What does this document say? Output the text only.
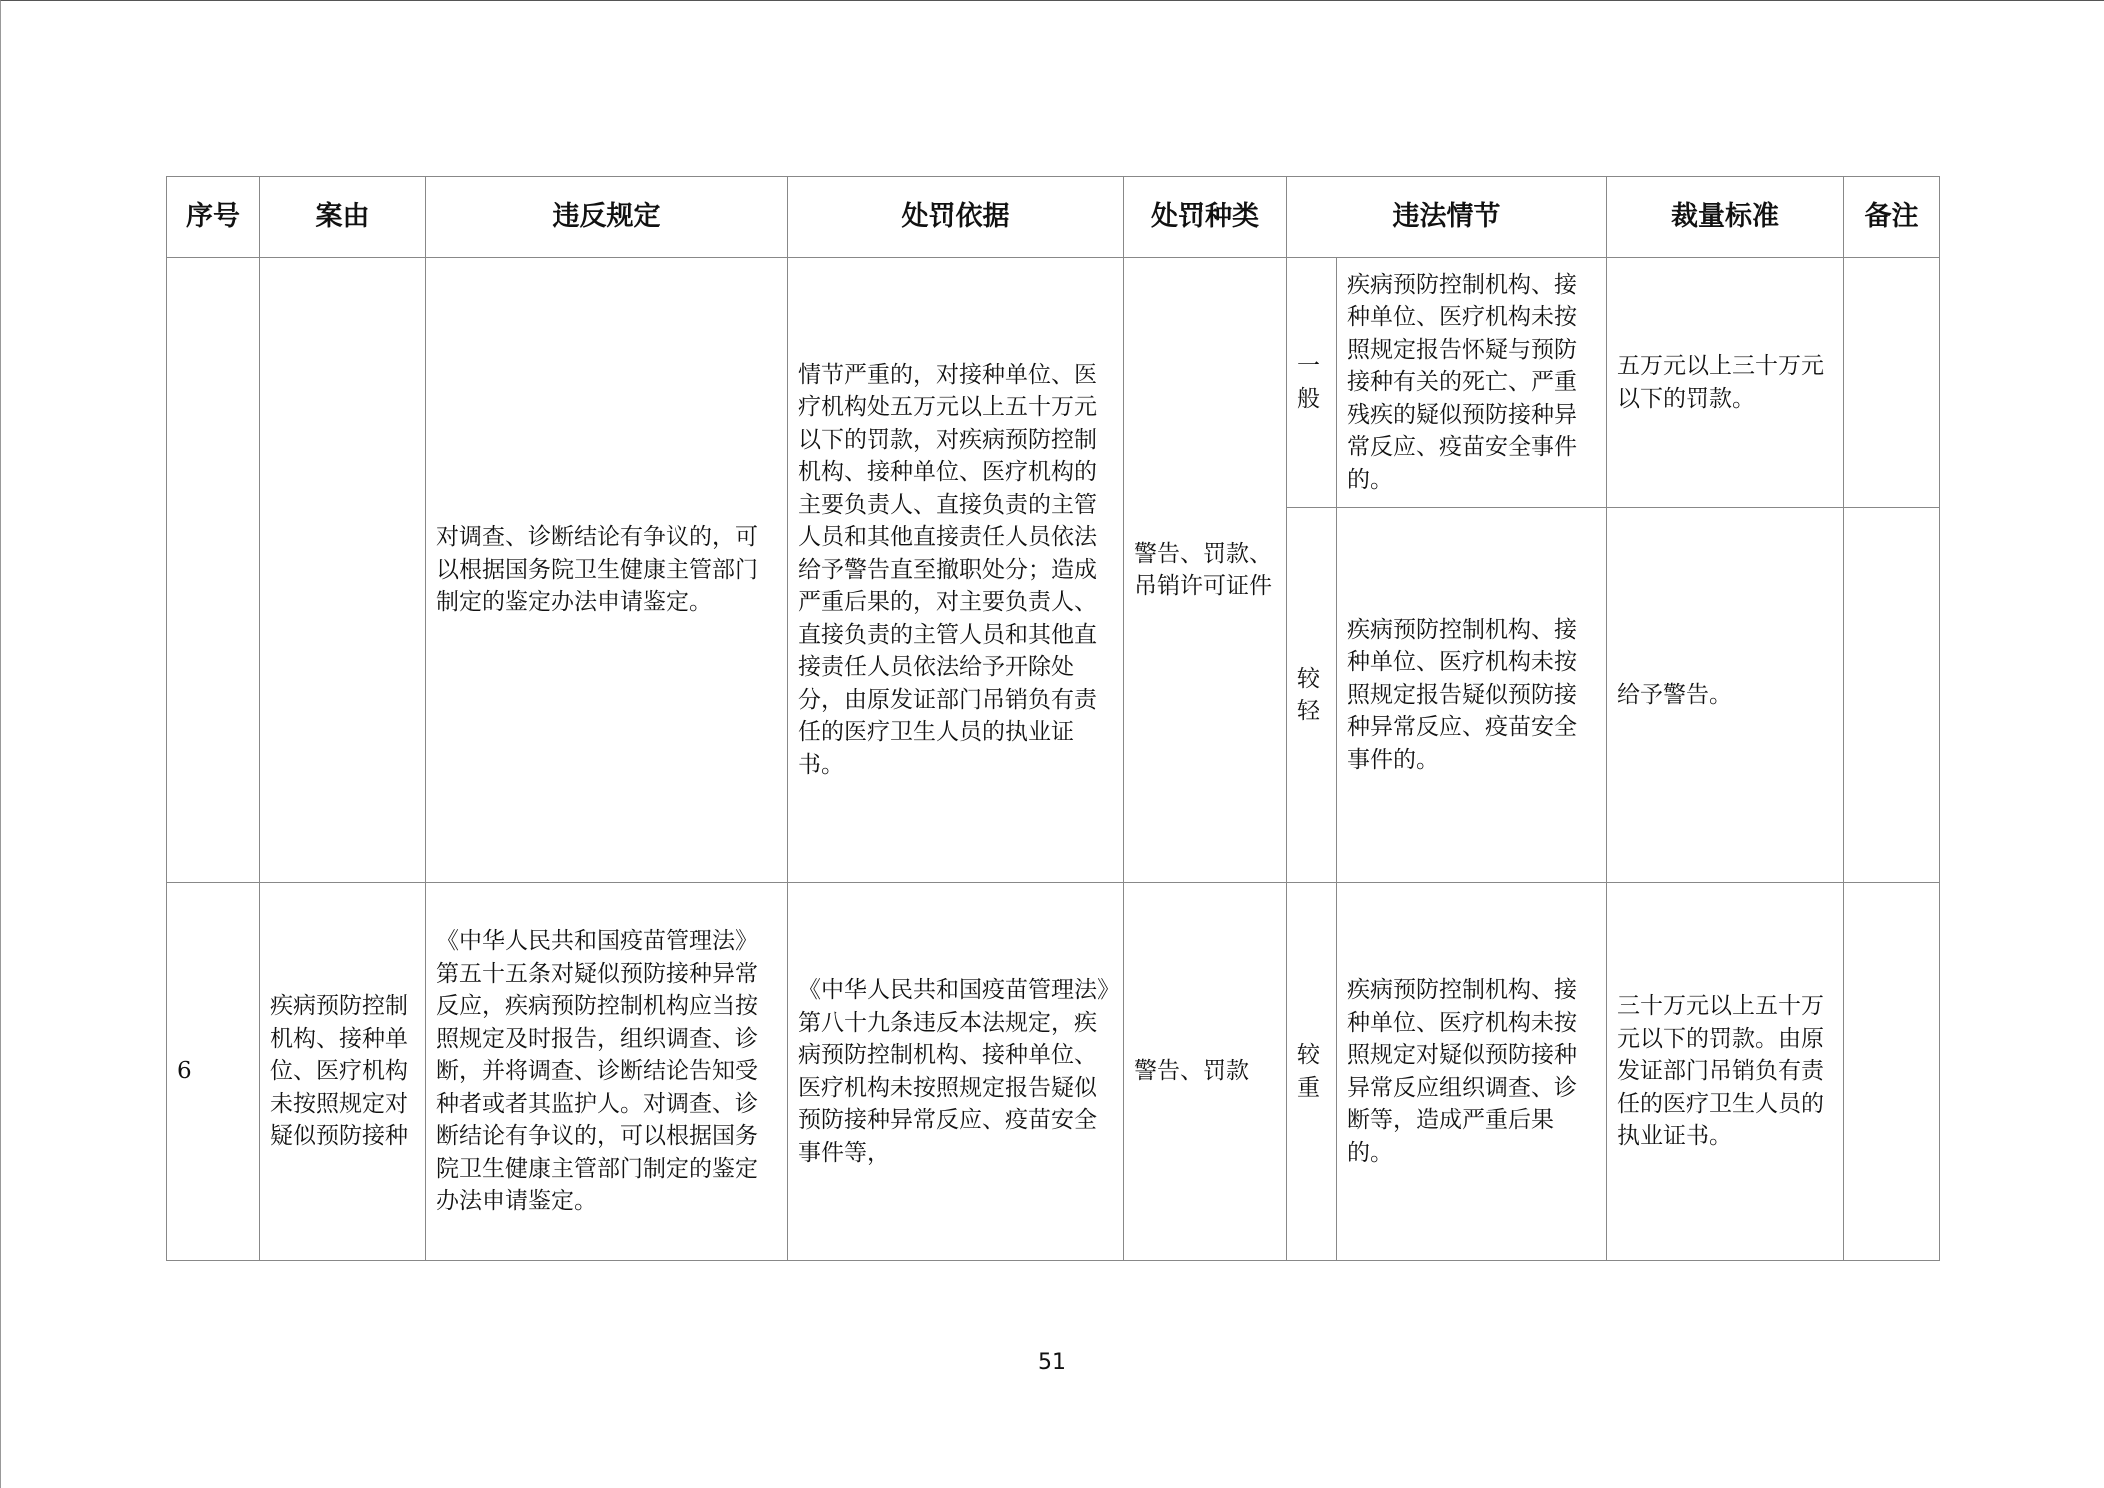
序号	案由	违反规定	处罚依据	处罚种类	违法情节		裁量标准	备注
		对调查、诊断结论有争议的，可以根据国务院卫生健康主管部门制定的鉴定办法申请鉴定。	情节严重的，对接种单位、医疗机构处五万元以上五十万元以下的罚款，对疾病预防控制机构、接种单位、医疗机构的主要负责人、直接负责的主管人员和其他直接责任人员依法给予警告直至撤职处分；造成严重后果的，对主要负责人、直接负责的主管人员和其他直接责任人员依法给予开除处分，由原发证部门吊销负有责任的医疗卫生人员的执业证书。	警告、罚款、吊销许可证件	一般	疾病预防控制机构、接种单位、医疗机构未按照规定报告怀疑与预防接种有关的死亡、严重残疾的疑似预防接种异常反应、疫苗安全事件的。	五万元以上三十万元以下的罚款。	
					较轻	疾病预防控制机构、接种单位、医疗机构未按照规定报告疑似预防接种异常反应、疫苗安全事件的。	给予警告。	
6	疾病预防控制机构、接种单位、医疗机构未按照规定对疑似预防接种	《中华人民共和国疫苗管理法》第五十五条对疑似预防接种异常反应，疾病预防控制机构应当按照规定及时报告，组织调查、诊断，并将调查、诊断结论告知受种者或者其监护人。对调查、诊断结论有争议的，可以根据国务院卫生健康主管部门制定的鉴定办法申请鉴定。	《中华人民共和国疫苗管理法》第八十九条违反本法规定，疾病预防控制机构、接种单位、医疗机构未按照规定报告疑似预防接种异常反应、疫苗安全事件等，	警告、罚款	较重	疾病预防控制机构、接种单位、医疗机构未按照规定对疑似预防接种异常反应组织调查、诊断等，造成严重后果的。	三十万元以上五十万元以下的罚款。由原发证部门吊销负有责任的医疗卫生人员的执业证书。	
51
